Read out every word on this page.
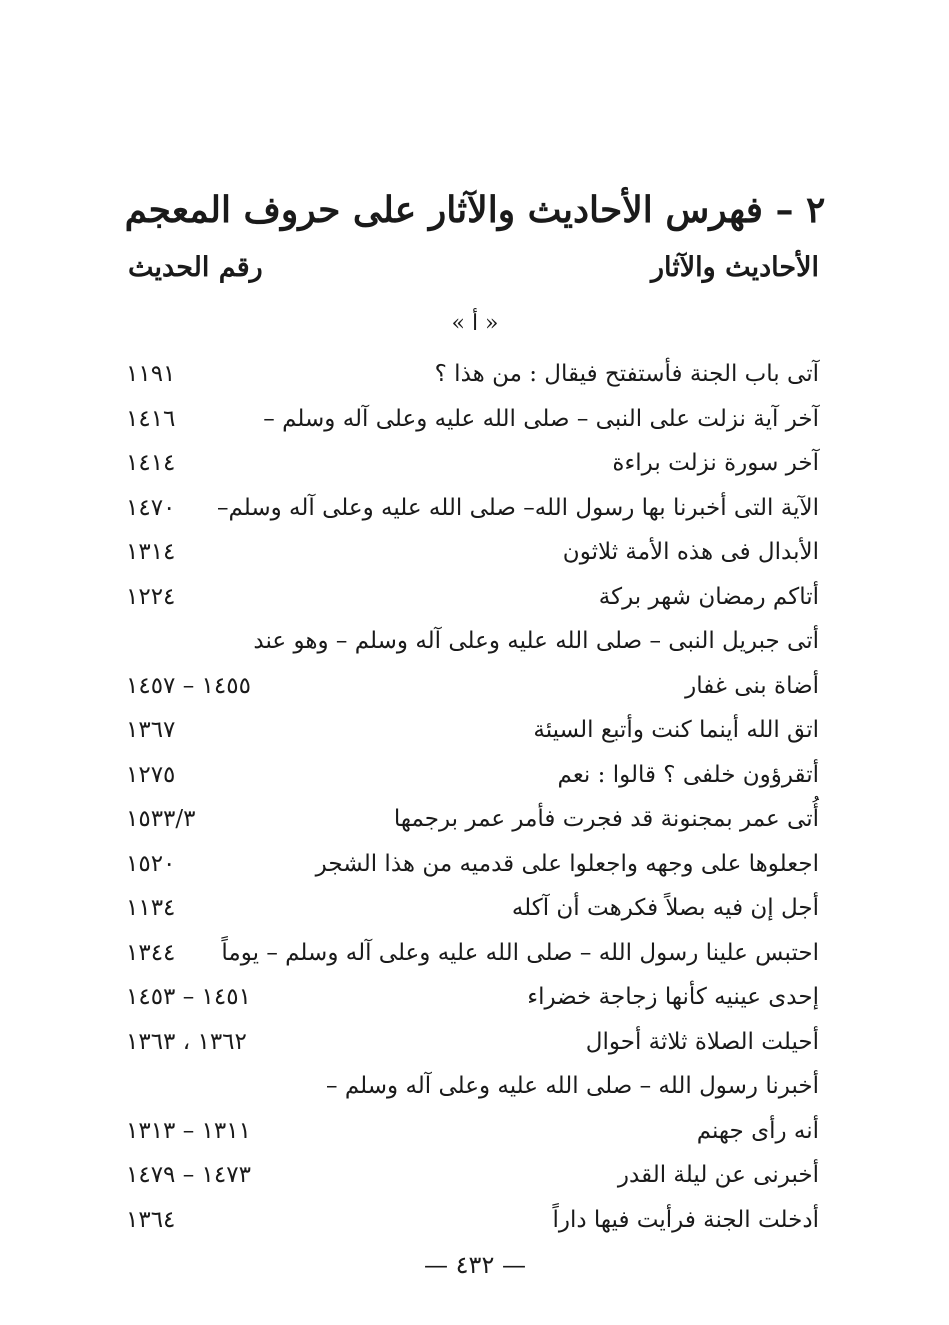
٢ – فهرس الأحاديث والآثار على حروف المعجم
الأحاديث والآثار
رقم الحديث
« أ »
آتى باب الجنة فأستفتح فيقال : من هذا ؟
١١٩١
آخر آية نزلت على النبى – صلى الله عليه وعلى آله وسلم –
١٤١٦
آخر سورة نزلت براءة
١٤١٤
الآية التى أخبرنا بها رسول الله– صلى الله عليه وعلى آله وسلم–
١٤٧٠
الأبدال فى هذه الأمة ثلاثون
١٣١٤
أتاكم رمضان شهر بركة
١٢٢٤
أتى جبريل النبى – صلى الله عليه وعلى آله وسلم – وهو عند
أضاة بنى غفار
١٤٥٥ – ١٤٥٧
اتق الله أينما كنت وأتبع السيئة
١٣٦٧
أتقرؤون خلفى ؟ قالوا : نعم
١٢٧٥
أُتى عمر بمجنونة قد فجرت فأمر عمر برجمها
١٥٣٣/٣
اجعلوها على وجهه واجعلوا على قدميه من هذا الشجر
١٥٢٠
أجل إن فيه بصلاً فكرهت أن آكله
١١٣٤
احتبس علينا رسول الله – صلى الله عليه وعلى آله وسلم – يوماً
١٣٤٤
إحدى عينيه كأنها زجاجة خضراء
١٤٥١ – ١٤٥٣
أحيلت الصلاة ثلاثة أحوال
١٣٦٢ ، ١٣٦٣
أخبرنا رسول الله – صلى الله عليه وعلى آله وسلم –
أنه رأى جهنم
١٣١١ – ١٣١٣
أخبرنى عن ليلة القدر
١٤٧٣ – ١٤٧٩
أدخلت الجنة فرأيت فيها داراً
١٣٦٤
— ٤٣٢ —
